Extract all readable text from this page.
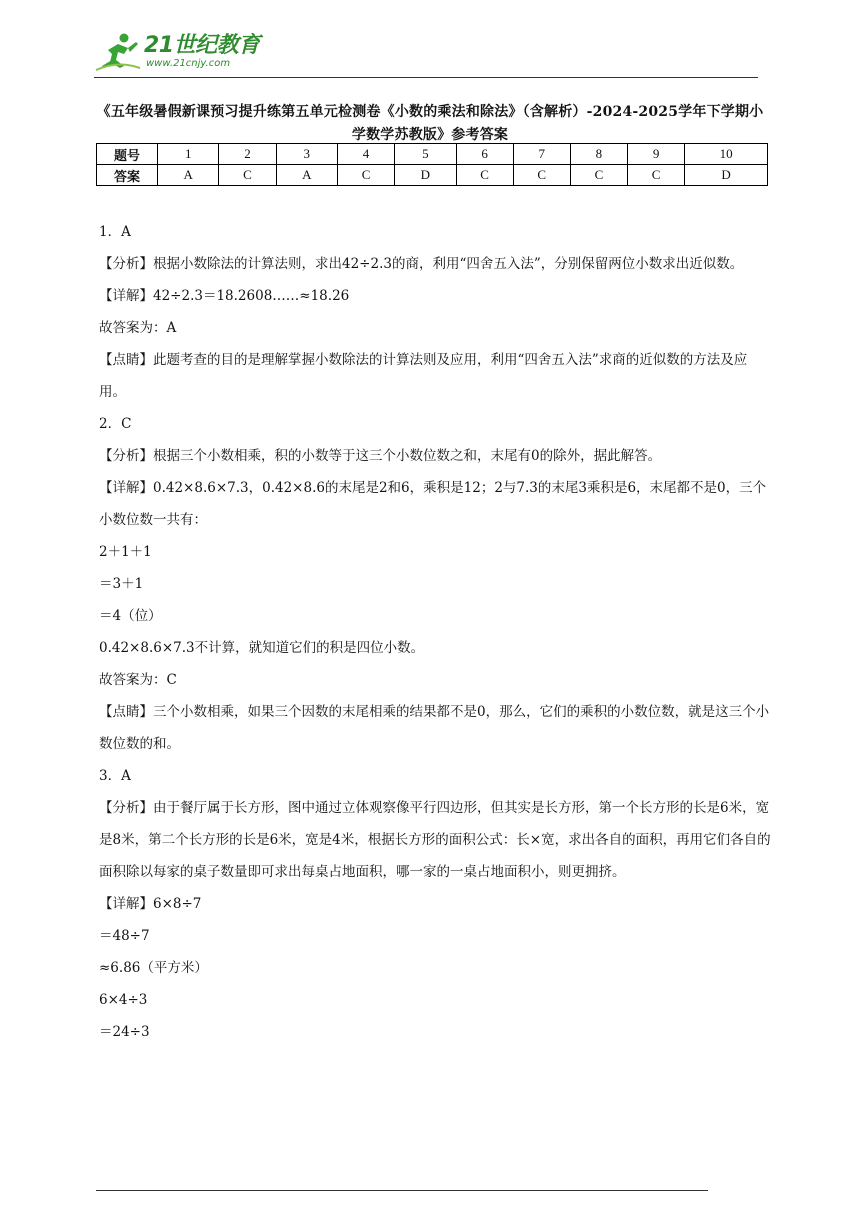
21世纪教育
www.21cnjy.com
《五年级暑假新课预习提升练第五单元检测卷《小数的乘法和除法》（含解析）-2024-2025学年下学期小学数学苏教版》参考答案
题号	1	2	3	4	5	6	7	8	9	10
答案	A	C	A	C	D	C	C	C	C	D

1．A

【分析】根据小数除法的计算法则，求出42÷2.3的商，利用“四舍五入法”，分别保留两位小数求出近似数。

【详解】42÷2.3＝18.2608……≈18.26

故答案为：A

【点睛】此题考查的目的是理解掌握小数除法的计算法则及应用，利用“四舍五入法”求商的近似数的方法及应用。

2．C

【分析】根据三个小数相乘，积的小数等于这三个小数位数之和，末尾有0的除外，据此解答。

【详解】0.42×8.6×7.3，0.42×8.6的末尾是2和6，乘积是12；2与7.3的末尾3乘积是6，末尾都不是0，三个小数位数一共有：

2＋1＋1

＝3＋1

＝4（位）

0.42×8.6×7.3不计算，就知道它们的积是四位小数。

故答案为：C

【点睛】三个小数相乘，如果三个因数的末尾相乘的结果都不是0，那么，它们的乘积的小数位数，就是这三个小数位数的和。

3．A

【分析】由于餐厅属于长方形，图中通过立体观察像平行四边形，但其实是长方形，第一个长方形的长是6米，宽是8米，第二个长方形的长是6米，宽是4米，根据长方形的面积公式：长×宽，求出各自的面积，再用它们各自的面积除以每家的桌子数量即可求出每桌占地面积，哪一家的一桌占地面积小，则更拥挤。

【详解】6×8÷7

＝48÷7

≈6.86（平方米）

6×4÷3

＝24÷3
